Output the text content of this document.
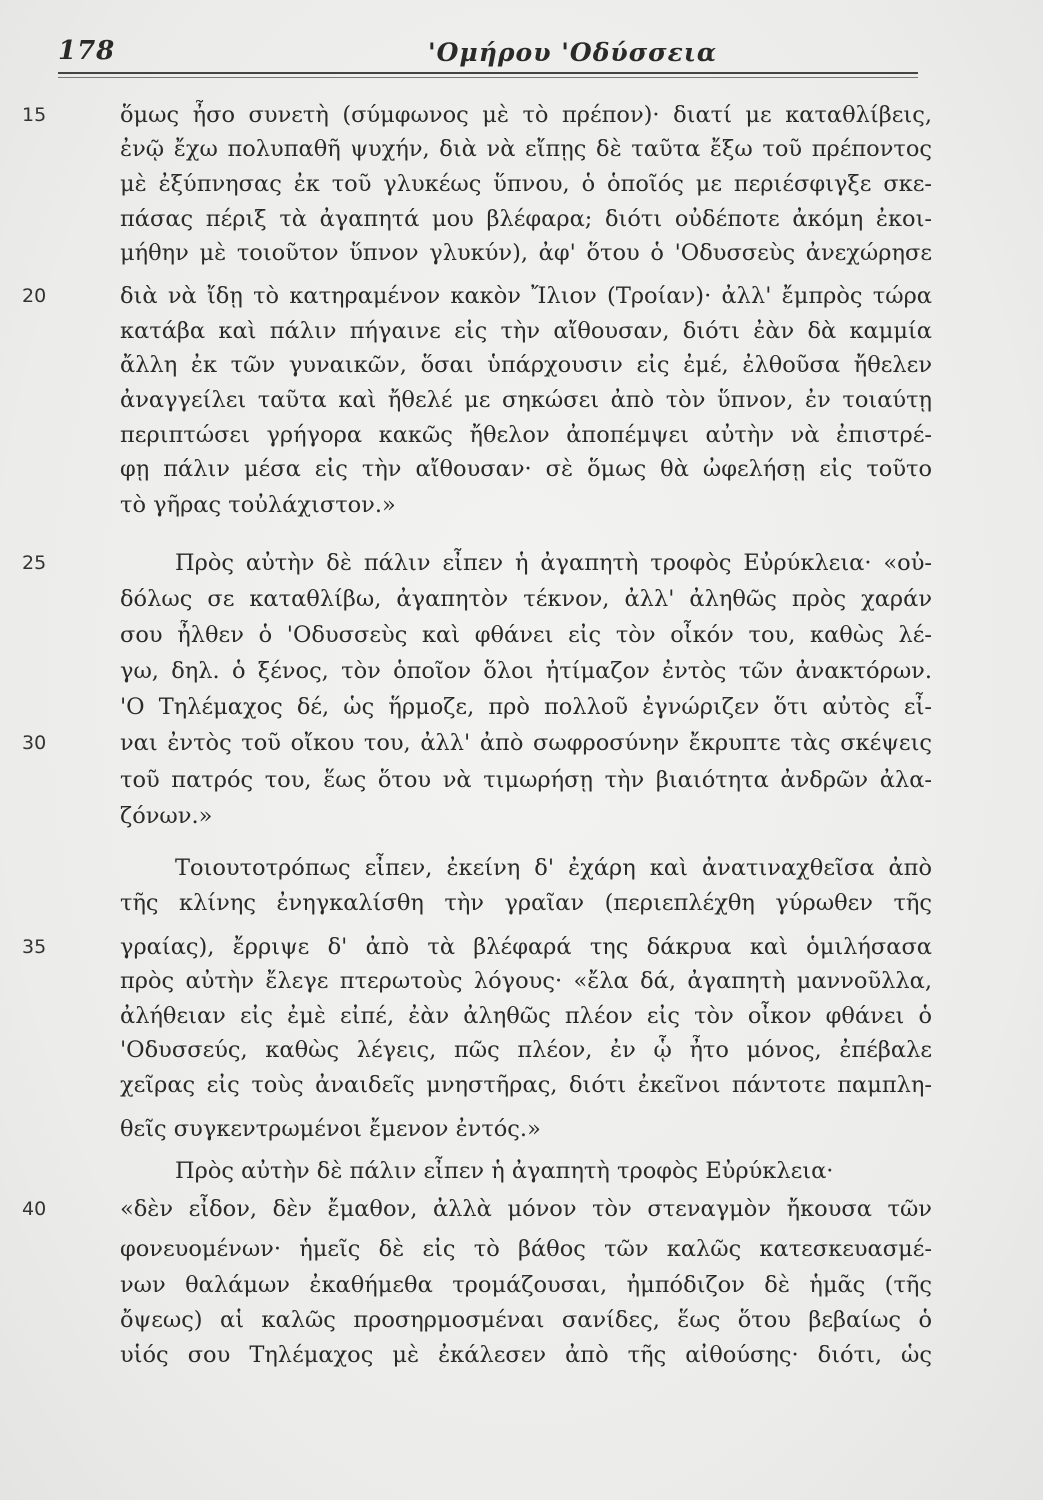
178	'Ομήρου 'Οδύσσεια
15
20
25
30
35
40
ὅμως ἦσο συνετὴ (σύμφωνος μὲ τὸ πρέπον)· διατί με καταθλίβεις,
ἐνῷ ἔχω πολυπαθῆ ψυχήν, διὰ νὰ εἴπῃς δὲ ταῦτα ἔξω τοῦ πρέποντος
μὲ ἐξύπνησας ἐκ τοῦ γλυκέως ὕπνου, ὁ ὁποῖός με περιέσφιγξε σκε-
πάσας πέριξ τὰ ἀγαπητά μου βλέφαρα; διότι οὐδέποτε ἀκόμη ἐκοι-
μήθην μὲ τοιοῦτον ὕπνον γλυκύν), ἀφ' ὅτου ὁ 'Οδυσσεὺς ἀνεχώρησε
διὰ νὰ ἴδῃ τὸ κατηραμένον κακὸν Ἴλιον (Τροίαν)· ἀλλ' ἔμπρὸς τώρα
κατάβα καὶ πάλιν πήγαινε εἰς τὴν αἴθουσαν, διότι ἐὰν δὰ καμμία
ἄλλη ἐκ τῶν γυναικῶν, ὅσαι ὑπάρχουσιν εἰς ἐμέ, ἐλθοῦσα ἤθελεν
ἀναγγείλει ταῦτα καὶ ἤθελέ με σηκώσει ἀπὸ τὸν ὕπνον, ἐν τοιαύτῃ
περιπτώσει γρήγορα κακῶς ἤθελον ἀποπέμψει αὐτὴν νὰ ἐπιστρέ-
φῃ πάλιν μέσα εἰς τὴν αἴθουσαν· σὲ ὅμως θὰ ὠφελήσῃ εἰς τοῦτο
τὸ γῆρας τοὐλάχιστον.»
Πρὸς αὐτὴν δὲ πάλιν εἶπεν ἡ ἀγαπητὴ τροφὸς Εὐρύκλεια· «οὐ-
δόλως σε καταθλίβω, ἀγαπητὸν τέκνον, ἀλλ' ἀληθῶς πρὸς χαράν
σου ἦλθεν ὁ 'Οδυσσεὺς καὶ φθάνει εἰς τὸν οἶκόν του, καθὼς λέ-
γω, δηλ. ὁ ξένος, τὸν ὁποῖον ὅλοι ἠτίμαζον ἐντὸς τῶν ἀνακτόρων.
'Ο Τηλέμαχος δέ, ὡς ἥρμοζε, πρὸ πολλοῦ ἐγνώριζεν ὅτι αὐτὸς εἶ-
ναι ἐντὸς τοῦ οἴκου του, ἀλλ' ἀπὸ σωφροσύνην ἔκρυπτε τὰς σκέψεις
τοῦ πατρός του, ἕως ὅτου νὰ τιμωρήσῃ τὴν βιαιότητα ἀνδρῶν ἀλα-
ζόνων.»
Τοιουτοτρόπως εἶπεν, ἐκείνη δ' ἐχάρη καὶ ἀνατιναχθεῖσα ἀπὸ
τῆς κλίνης ἐνηγκαλίσθη τὴν γραῖαν (περιεπλέχθη γύρωθεν τῆς
γραίας), ἔρριψε δ' ἀπὸ τὰ βλέφαρά της δάκρυα καὶ ὁμιλήσασα
πρὸς αὐτὴν ἔλεγε πτερωτοὺς λόγους· «ἔλα δά, ἀγαπητὴ μαννοῦλλα,
ἀλήθειαν εἰς ἐμὲ εἰπέ, ἐὰν ἀληθῶς πλέον εἰς τὸν οἶκον φθάνει ὁ
'Οδυσσεύς, καθὼς λέγεις, πῶς πλέον, ἐν ᾧ ἦτο μόνος, ἐπέβαλε
χεῖρας εἰς τοὺς ἀναιδεῖς μνηστῆρας, διότι ἐκεῖνοι πάντοτε παμπλη-
θεῖς συγκεντρωμένοι ἔμενον ἐντός.»
Πρὸς αὐτὴν δὲ πάλιν εἶπεν ἡ ἀγαπητὴ τροφὸς Εὐρύκλεια·
«δὲν εἶδον, δὲν ἔμαθον, ἀλλὰ μόνον τὸν στεναγμὸν ἤκουσα τῶν
φονευομένων· ἡμεῖς δὲ εἰς τὸ βάθος τῶν καλῶς κατεσκευασμέ-
νων θαλάμων ἐκαθήμεθα τρομάζουσαι, ἠμπόδιζον δὲ ἡμᾶς (τῆς
ὄψεως) αἱ καλῶς προσηρμοσμέναι σανίδες, ἕως ὅτου βεβαίως ὁ
υἱός σου Τηλέμαχος μὲ ἐκάλεσεν ἀπὸ τῆς αἰθούσης· διότι, ὡς
